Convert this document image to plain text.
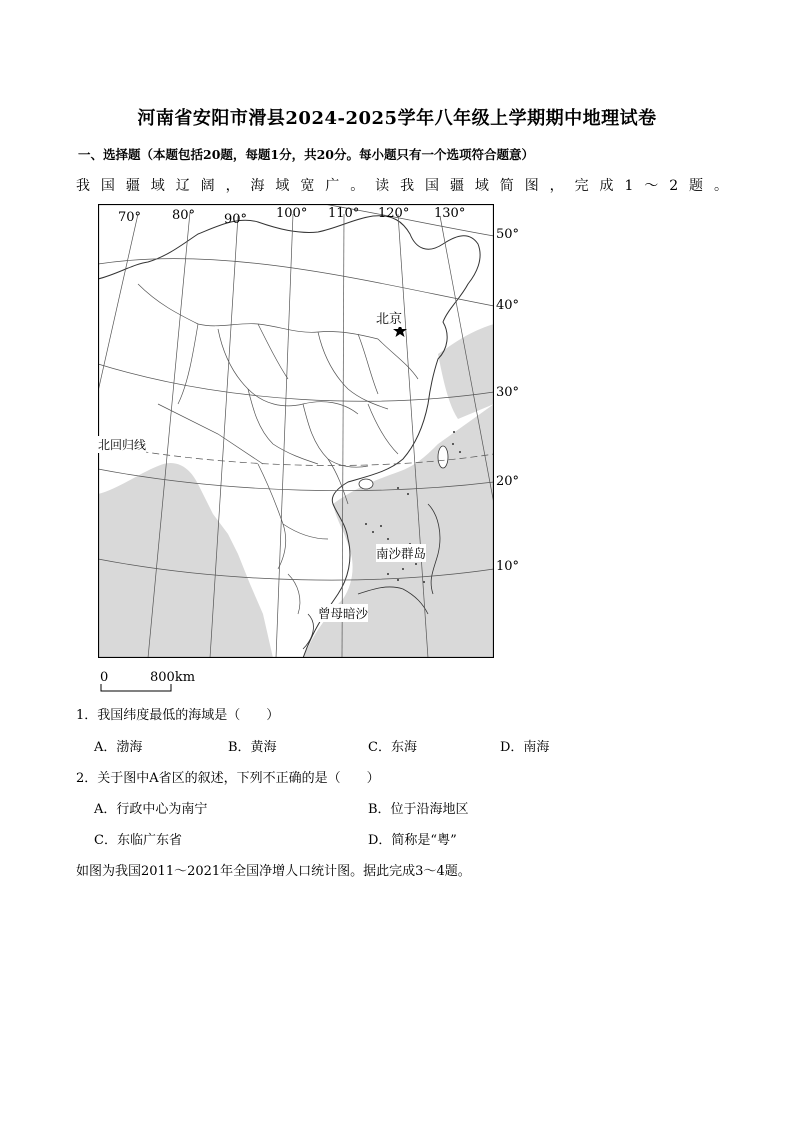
河南省安阳市滑县2024-2025学年八年级上学期期中地理试卷
一、选择题（本题包括20题，每题1分，共20分。每小题只有一个选项符合题意）
我国疆域辽阔，海域宽广。读我国疆域简图，完成1～2题。
70° 80° 90° 100° 110° 120° 130°
北京
北回归线
南沙群岛
曾母暗沙
50°
40°
30°
20°
10°
0	800km
1．我国纬度最低的海域是（　　）
A．渤海	B．黄海	C．东海	D．南海
2．关于图中A省区的叙述，下列不正确的是（　　）
A．行政中心为南宁	B．位于沿海地区
C．东临广东省	D．简称是“粤”
如图为我国2011～2021年全国净增人口统计图。据此完成3～4题。
